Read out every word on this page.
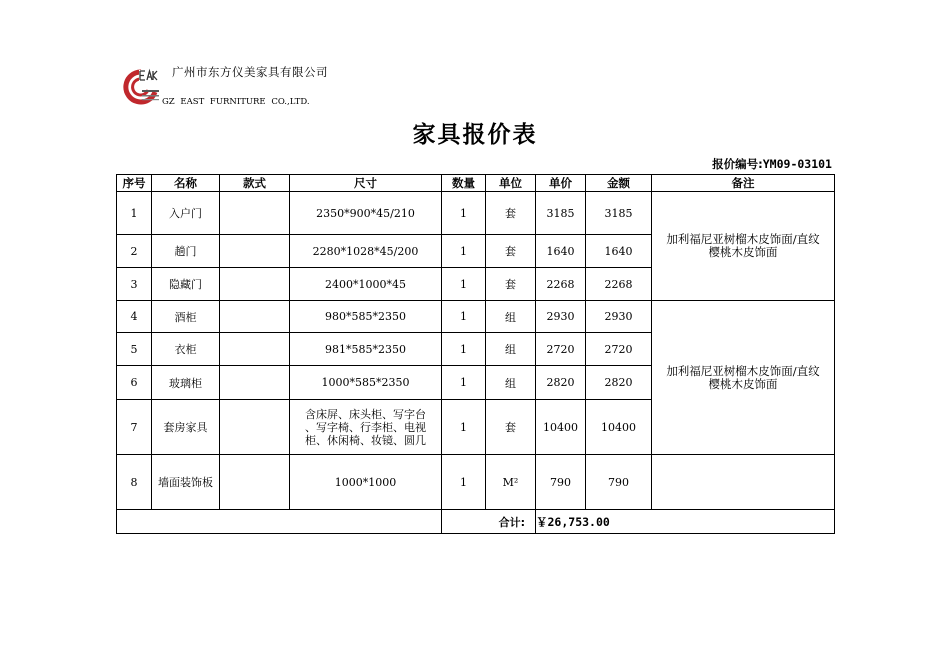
广州市东方仪美家具有限公司
GZ EAST FURNITURE CO.,LTD.
家具报价表
报价编号:YM09-03101
序号	名称	款式	尺寸	数量	单位	单价	金额	备注
1	入户门		2350*900*45/210	1	套	3185	3185	加利福尼亚树榴木皮饰面/直纹
樱桃木皮饰面

2	趟门		2280*1028*45/200	1	套	1640	1640	
3	隐藏门		2400*1000*45	1	套	2268	2268	
4	酒柜		980*585*2350	1	组	2930	2930	加利福尼亚树榴木皮饰面/直纹
樱桃木皮饰面

5	衣柜		981*585*2350	1	组	2720	2720	
6	玻璃柜		1000*585*2350	1	组	2820	2820	
7	套房家具		含床屏、床头柜、写字台
、写字椅、行李柜、电视
柜、休闲椅、妆镜、圆几	1	套	10400	10400	
8	墙面装饰板		1000*1000	1	M²	790	790	
				合计:		￥26,753.00		
